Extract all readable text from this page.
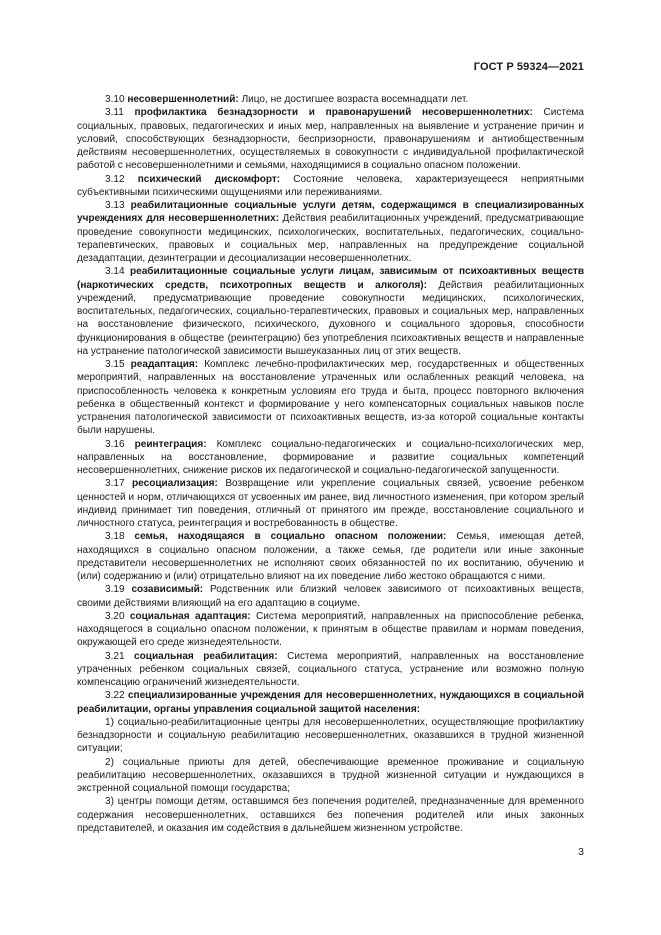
ГОСТ Р 59324—2021

3.10 несовершеннолетний: Лицо, не достигшее возраста восемнадцати лет.

3.11 профилактика безнадзорности и правонарушений несовершеннолетних: Система социальных, правовых, педагогических и иных мер, направленных на выявление и устранение причин и условий, способствующих безнадзорности, беспризорности, правонарушениям и антиобщественным действиям несовершеннолетних, осуществляемых в совокупности с индивидуальной профилактической работой с несовершеннолетними и семьями, находящимися в социально опасном положении.

3.12 психический дискомфорт: Состояние человека, характеризуещееся неприятными субъективными психическими ощущениями или переживаниями.

3.13 реабилитационные социальные услуги детям, содержащимся в специализированных учреждениях для несовершеннолетних: Действия реабилитационных учреждений, предусматривающие проведение совокупности медицинских, психологических, воспитательных, педагогических, социально-терапевтических, правовых и социальных мер, направленных на предупреждение социальной дезадаптации, дезинтеграции и десоциализации несовершеннолетних.

3.14 реабилитационные социальные услуги лицам, зависимым от психоактивных веществ (наркотических средств, психотропных веществ и алкоголя): Действия реабилитационных учреждений, предусматривающие проведение совокупности медицинских, психологических, воспитательных, педагогических, социально-терапевтических, правовых и социальных мер, направленных на восстановление физического, психического, духовного и социального здоровья, способности функционирования в обществе (реинтеграцию) без употребления психоактивных веществ и направленные на устранение патологической зависимости вышеуказанных лиц от этих веществ.

3.15 реадаптация: Комплекс лечебно-профилактических мер, государственных и общественных мероприятий, направленных на восстановление утраченных или ослабленных реакций человека, на приспособленность человека к конкретным условиям его труда и быта, процесс повторного включения ребенка в общественный контекст и формирование у него компенсаторных социальных навыков после устранения патологической зависимости от психоактивных веществ, из-за которой социальные контакты были нарушены.

3.16 реинтеграция: Комплекс социально-педагогических и социально-психологических мер, направленных на восстановление, формирование и развитие социальных компетенций несовершеннолетних, снижение рисков их педагогической и социально-педагогической запущенности.

3.17 ресоциализация: Возвращение или укрепление социальных связей, усвоение ребенком ценностей и норм, отличающихся от усвоенных им ранее, вид личностного изменения, при котором зрелый индивид принимает тип поведения, отличный от принятого им прежде, восстановление социального и личностного статуса, реинтеграция и востребованность в обществе.

3.18 семья, находящаяся в социально опасном положении: Семья, имеющая детей, находящихся в социально опасном положении, а также семья, где родители или иные законные представители несовершеннолетних не исполняют своих обязанностей по их воспитанию, обучению и (или) содержанию и (или) отрицательно влияют на их поведение либо жестоко обращаются с ними.

3.19 созависимый: Родственник или близкий человек зависимого от психоактивных веществ, своими действиями влияющий на его адаптацию в социуме.

3.20 социальная адаптация: Система мероприятий, направленных на приспособление ребенка, находящегося в социально опасном положении, к принятым в обществе правилам и нормам поведения, окружающей его среде жизнедеятельности.

3.21 социальная реабилитация: Система мероприятий, направленных на восстановление утраченных ребенком социальных связей, социального статуса, устранение или возможно полную компенсацию ограничений жизнедеятельности.

3.22 специализированные учреждения для несовершеннолетних, нуждающихся в социальной реабилитации, органы управления социальной защитой населения:

1) социально-реабилитационные центры для несовершеннолетних, осуществляющие профилактику безнадзорности и социальную реабилитацию несовершеннолетних, оказавшихся в трудной жизненной ситуации;

2) социальные приюты для детей, обеспечивающие временное проживание и социальную реабилитацию несовершеннолетних, оказавшихся в трудной жизненной ситуации и нуждающихся в экстренной социальной помощи государства;

3) центры помощи детям, оставшимся без попечения родителей, предназначенные для временного содержания несовершеннолетних, оставшихся без попечения родителей или иных законных представителей, и оказания им содействия в дальнейшем жизненном устройстве.

3
